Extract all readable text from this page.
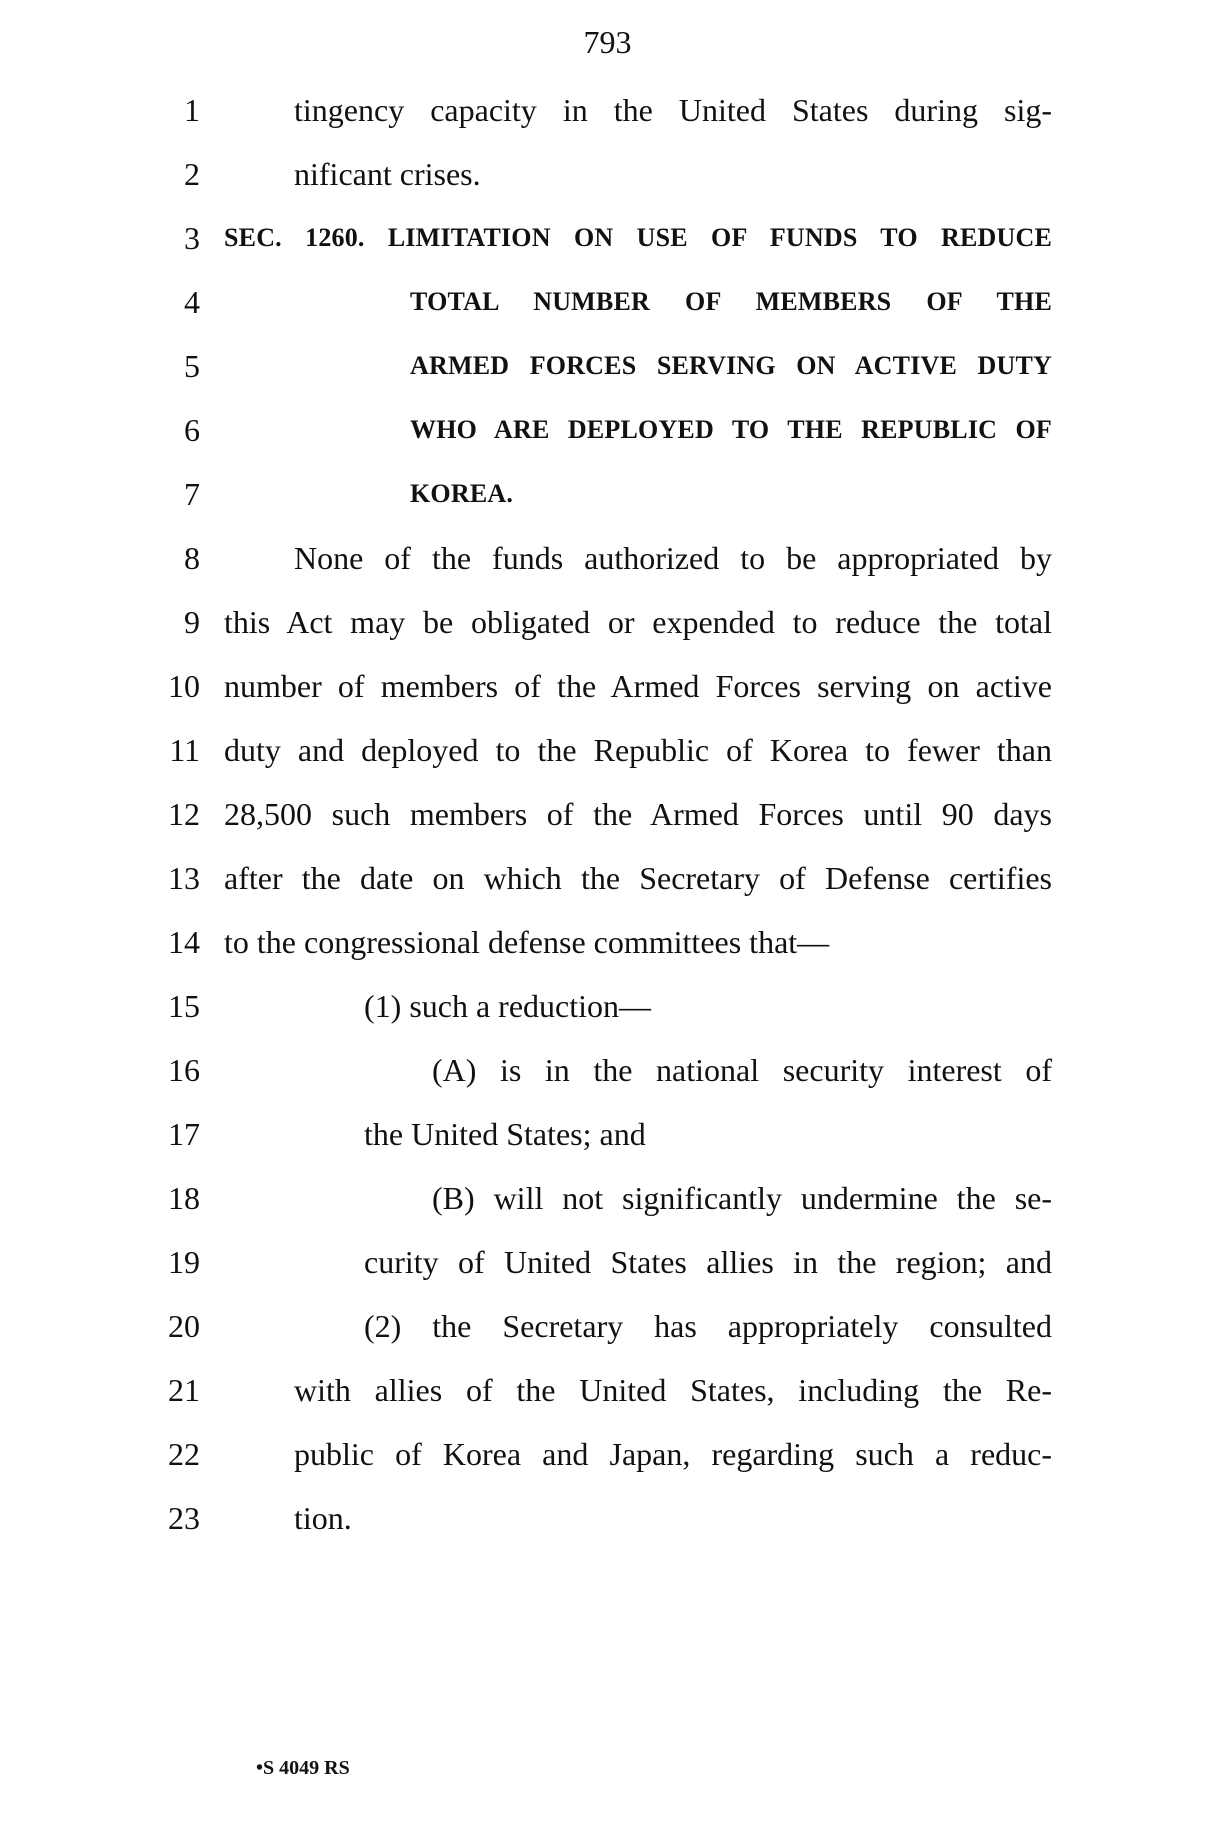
793
1	tingency capacity in the United States during sig-
2	nificant crises.
3 SEC. 1260. LIMITATION ON USE OF FUNDS TO REDUCE
4	TOTAL NUMBER OF MEMBERS OF THE
5	ARMED FORCES SERVING ON ACTIVE DUTY
6	WHO ARE DEPLOYED TO THE REPUBLIC OF
7	KOREA.
8	None of the funds authorized to be appropriated by
9 this Act may be obligated or expended to reduce the total
10 number of members of the Armed Forces serving on active
11 duty and deployed to the Republic of Korea to fewer than
12 28,500 such members of the Armed Forces until 90 days
13 after the date on which the Secretary of Defense certifies
14 to the congressional defense committees that—
15	(1) such a reduction—
16	(A) is in the national security interest of
17	the United States; and
18	(B) will not significantly undermine the se-
19	curity of United States allies in the region; and
20	(2) the Secretary has appropriately consulted
21	with allies of the United States, including the Re-
22	public of Korea and Japan, regarding such a reduc-
23	tion.
•S 4049 RS
